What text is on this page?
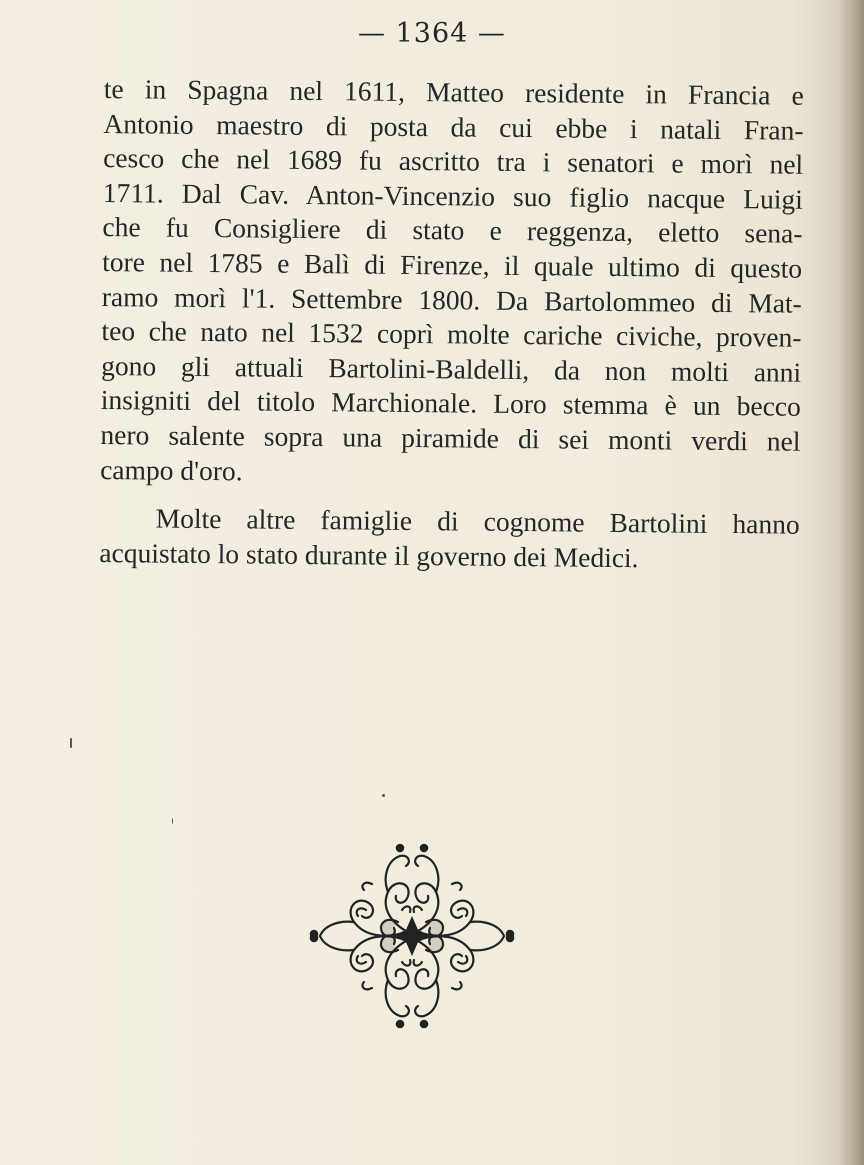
— 1364 —
te in Spagna nel 1611, Matteo residente in Francia e
Antonio maestro di posta da cui ebbe i natali Fran-
cesco che nel 1689 fu ascritto tra i senatori e morì nel
1711. Dal Cav. Anton-Vincenzio suo figlio nacque Luigi
che fu Consigliere di stato e reggenza, eletto sena-
tore nel 1785 e Balì di Firenze, il quale ultimo di questo
ramo morì l'1. Settembre 1800. Da Bartolommeo di Mat-
teo che nato nel 1532 coprì molte cariche civiche, proven-
gono gli attuali Bartolini-Baldelli, da non molti anni
insigniti del titolo Marchionale. Loro stemma è un becco
nero salente sopra una piramide di sei monti verdi nel
campo d'oro.
Molte altre famiglie di cognome Bartolini hanno
acquistato lo stato durante il governo dei Medici.
